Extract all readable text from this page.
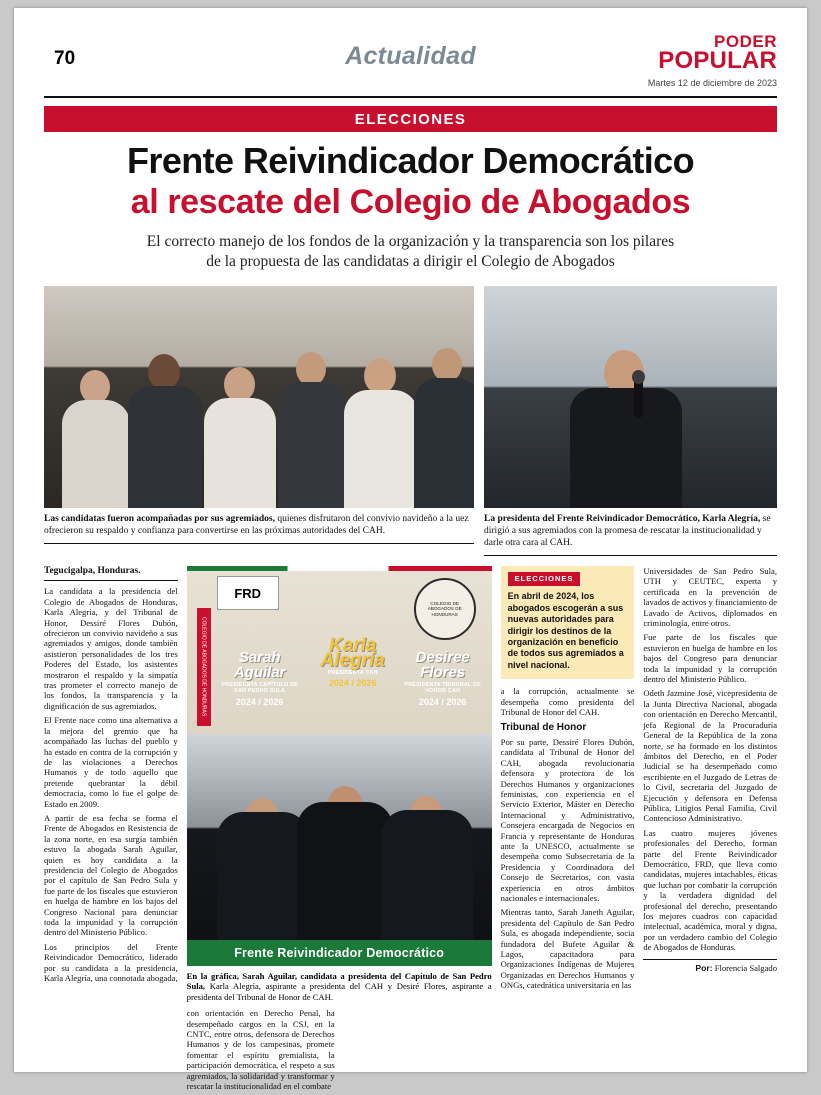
70	Actualidad
PODER
POPULAR
Martes 12 de diciembre de 2023
ELECCIONES
Frente Reivindicador Democrático
al rescate del Colegio de Abogados
El correcto manejo de los fondos de la organización y la transparencia son los pilares
de la propuesta de las candidatas a dirigir el Colegio de Abogados
Las candidatas fueron acompañadas por sus agremiados, quienes disfrutaron del convivio navideño a la uez ofrecieron su respaldo y confianza para convertirse en las próximas autoridades del CAH.
La presidenta del Frente Reivindicador Democrático, Karla Alegría, se dirigió a sus agremiados con la promesa de rescatar la institucionalidad y darle otra cara al CAH.
Tegucigalpa, Honduras.

La candidata a la presidencia del Colegio de Abogados de Honduras, Karla Alegría, y del Tribunal de Honor, Dessiré Flores Dubón, ofrecieron un convivio navideño a sus agremiados y amigos, donde también asistieron personalidades de los tres Poderes del Estado, los asistentes mostraron el respaldo y la simpatía tras prometer el correcto manejo de los fondos, la transparencia y la dignificación de sus agremiados.

El Frente nace como una alternativa a la mejora del gremio que ha acompañado las luchas del pueblo y ha estado en contra de la corrupción y de las violaciones a Derechos Humanos y de todo aquello que pretende quebrantar la débil democracia, como lo fue el golpe de Estado en 2009.

A partir de esa fecha se forma el Frente de Abogados en Resistencia de la zona norte, en esa surgía también estuvo la abogada Sarah Aguilar, quien es hoy candidata a la presidencia del Colegio de Abogados por el capítulo de San Pedro Sula y fue parte de los fiscales que estuvieron en huelga de hambre en los bajos del Congreso Nacional para denunciar toda la impunidad y la corrupción dentro del Ministerio Público.

Los principios del Frente Reivindicador Democrático, liderado por su candidata a la presidencia, Karla Alegría, una connotada abogada,

FRD
COLEGIO DE ABOGADOS DE HONDURAS
COLEGIO DE ABOGADOS DE HONDURAS	Sarah
Aguilar
PRESIDENTA CAPÍTULO DE SAN PEDRO SULA
2024 / 2026
Karla
Alegría
PRESIDENTA CAH
2024 / 2026
Desiree
Flores
PRESIDENTA TRIBUNAL DE HONOR CAH
2024 / 2026
Frente Reivindicador Democrático
En la gráfica, Sarah Aguilar, candidata a presidenta del Capítulo de San Pedro Sula, Karla Alegría, aspirante a presidenta del CAH y Desiré Flores, aspirante a presidenta del Tribunal de Honor de CAH.

con orientación en Derecho Penal, ha desempeñado cargos en la CSJ, en la CNTC, entre otros, defensora de Derechos Humanos y de los campesinas, promete fomentar el espíritu gremialista, la participación democrática, el respeto a sus agremiados, la solidaridad y transformar y rescatar la institucionalidad en el combate

ELECCIONES
En abril de 2024, los abogados escogerán a sus nuevas autoridades para dirigir los destinos de la organización en beneficio de todos sus agremiados a nivel nacional.

a la corrupción, actualmente se desempeña como presidenta del Tribunal de Honor del CAH.

Tribunal de Honor

Por su parte, Dessiré Flores Dubón, candidata al Tribunal de Honor del CAH, abogada revolucionaria defensora y protectora de los Derechos Humanos y organizaciones feministas, con experiencia en el Servicio Exterior, Máster en Derecho Internacional y Administrativo, Consejera encargada de Negocios en Francia y representante de Honduras ante la UNESCO, actualmente se desempeña como Subsecretaria de la Presidencia y Coordinadora del Consejo de Secretarios, con vasta experiencia en otros ámbitos nacionales e internacionales.

Mientras tanto, Sarah Janeth Aguilar, presidenta del Capítulo de San Pedro Sula, es abogada independiente, socia fundadora del Bufete Aguilar & Lagos, capacitadora para Organizaciones Indígenas de Mujeres Organizadas en Derechos Humanos y ONGs, catedrática universitaria en las

Universidades de San Pedro Sula, UTH y CEUTEC, experta y certificada en la prevención de lavados de activos y financiamiento de Lavado de Activos, diplomados en criminología, entre otros.

Fue parte de los fiscales que estuvieron en huelga de hambre en los bajos del Congreso para denunciar toda la impunidad y la corrupción dentro del Ministerio Público.

Odeth Jazmine José, vicepresidenta de la Junta Directiva Nacional, abogada con orientación en Derecho Mercantil, jefa Regional de la Procuraduría General de la República de la zona norte, se ha formado en los distintos ámbitos del Derecho, en el Poder Judicial se ha desempeñado como escribiente en el Juzgado de Letras de lo Civil, secretaria del Juzgado de Ejecución y defensora en Defensa Pública, Litigios Penal Familia, Civil Contencioso Administrativo.

Las cuatro mujeres jóvenes profesionales del Derecho, forman parte del Frente Reivindicador Democrático, FRD, que lleva como candidatas, mujeres intachables, éticas que luchan por combatir la corrupción y la verdadera dignidad del profesional del derecho, presentando los mejores cuadros con capacidad intelectual, académica, moral y digna, por un verdadero cambio del Colegio de Abogados de Honduras.

Por: Florencia Salgado
